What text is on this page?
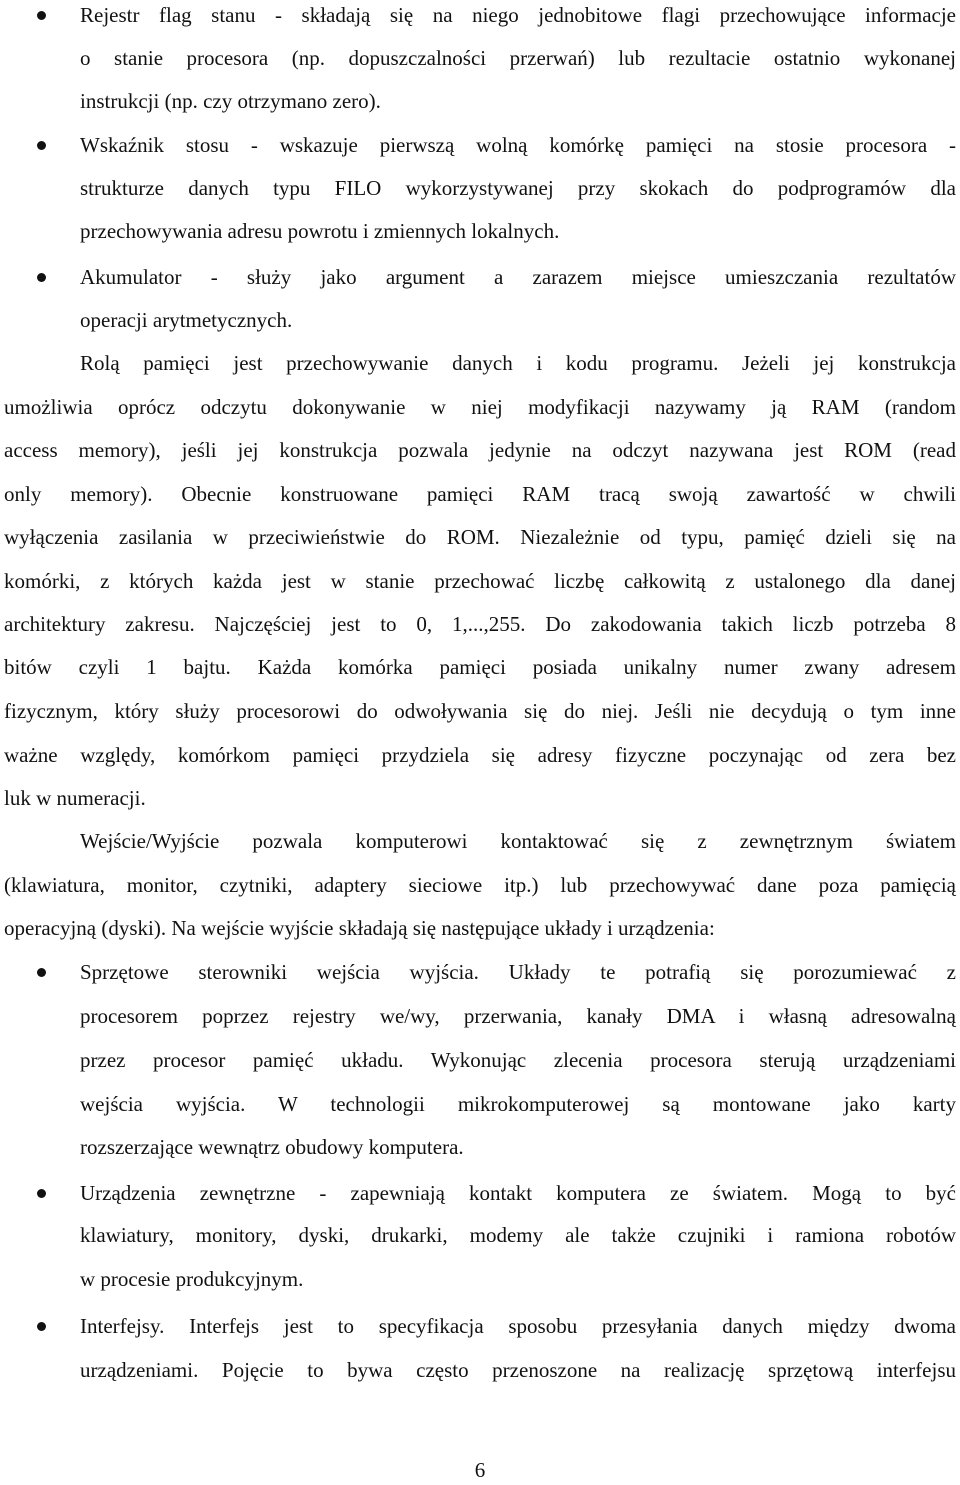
Rejestr flag stanu - składają się na niego jednobitowe flagi przechowujące informacje
o stanie procesora (np. dopuszczalności przerwań) lub rezultacie ostatnio wykonanej
instrukcji (np. czy otrzymano zero).
Wskaźnik stosu - wskazuje pierwszą wolną komórkę pamięci na stosie procesora -
strukturze danych typu FILO wykorzystywanej przy skokach do podprogramów dla
przechowywania adresu powrotu i zmiennych lokalnych.
Akumulator - służy jako argument a zarazem miejsce umieszczania rezultatów
operacji arytmetycznych.
Rolą pamięci jest przechowywanie danych i kodu programu. Jeżeli jej konstrukcja
umożliwia oprócz odczytu dokonywanie w niej modyfikacji nazywamy ją RAM (random
access memory), jeśli jej konstrukcja pozwala jedynie na odczyt nazywana jest ROM (read
only memory). Obecnie konstruowane pamięci RAM tracą swoją zawartość w chwili
wyłączenia zasilania w przeciwieństwie do ROM. Niezależnie od typu, pamięć dzieli się na
komórki, z których każda jest w stanie przechować liczbę całkowitą z ustalonego dla danej
architektury zakresu. Najczęściej jest to 0, 1,...,255. Do zakodowania takich liczb potrzeba 8
bitów czyli 1 bajtu. Każda komórka pamięci posiada unikalny numer zwany adresem
fizycznym, który służy procesorowi do odwoływania się do niej. Jeśli nie decydują o tym inne
ważne względy, komórkom pamięci przydziela się adresy fizyczne poczynając od zera bez
luk w numeracji.
Wejście/Wyjście pozwala komputerowi kontaktować się z zewnętrznym światem
(klawiatura, monitor, czytniki, adaptery sieciowe itp.) lub przechowywać dane poza pamięcią
operacyjną (dyski). Na wejście wyjście składają się następujące układy i urządzenia:
Sprzętowe sterowniki wejścia wyjścia. Układy te potrafią się porozumiewać z
procesorem poprzez rejestry we/wy, przerwania, kanały DMA i własną adresowalną
przez procesor pamięć układu. Wykonując zlecenia procesora sterują urządzeniami
wejścia wyjścia. W technologii mikrokomputerowej są montowane jako karty
rozszerzające wewnątrz obudowy komputera.
Urządzenia zewnętrzne - zapewniają kontakt komputera ze światem. Mogą to być
klawiatury, monitory, dyski, drukarki, modemy ale także czujniki i ramiona robotów
w procesie produkcyjnym.
Interfejsy. Interfejs jest to specyfikacja sposobu przesyłania danych między dwoma
urządzeniami. Pojęcie to bywa często przenoszone na realizację sprzętową interfejsu
6
